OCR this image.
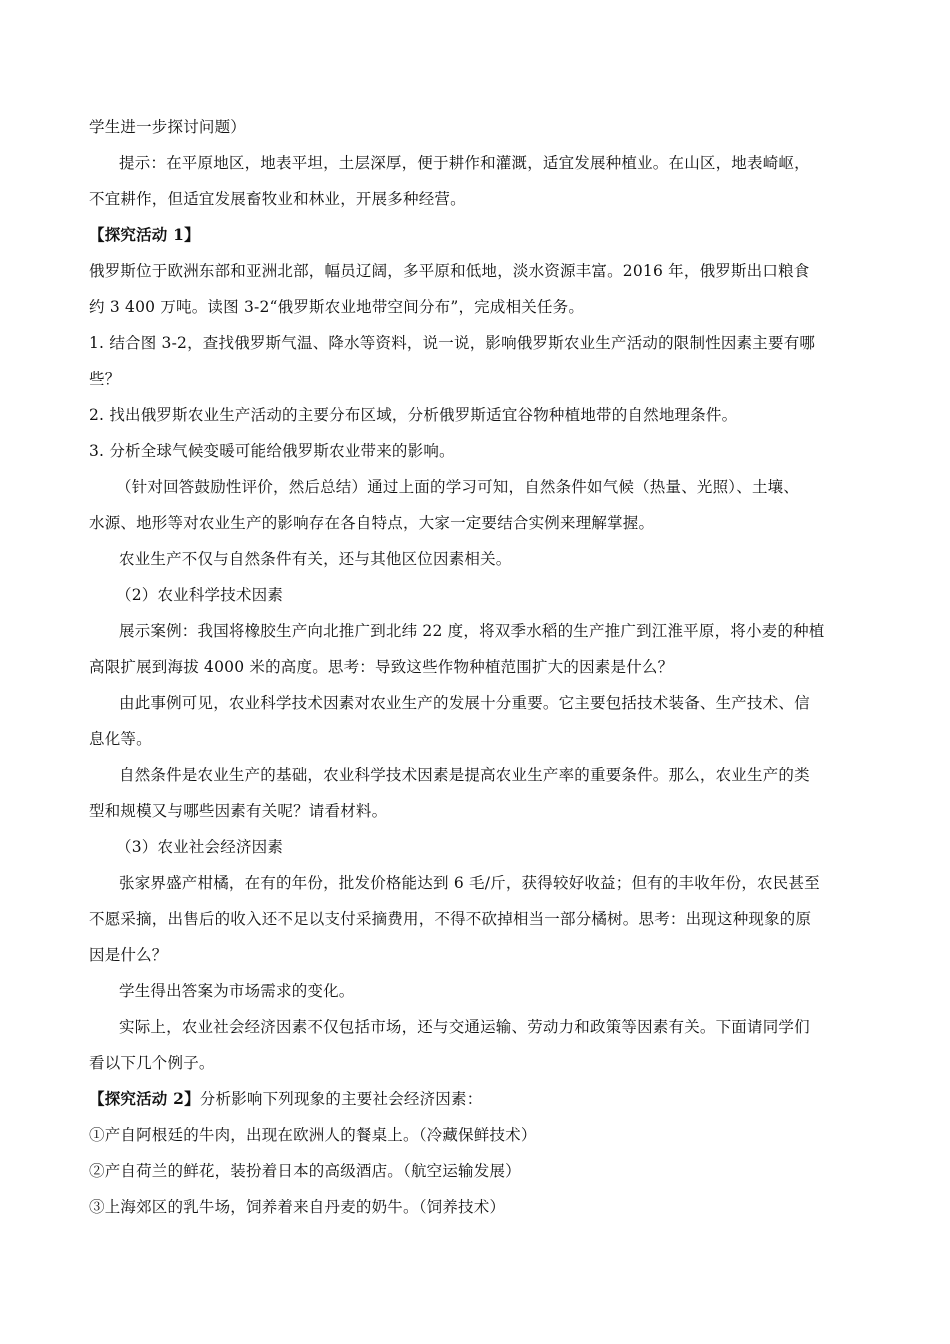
学生进一步探讨问题）
提示：在平原地区，地表平坦，土层深厚，便于耕作和灌溉，适宜发展种植业。在山区，地表崎岖，
不宜耕作，但适宜发展畜牧业和林业，开展多种经营。
【探究活动 1】
俄罗斯位于欧洲东部和亚洲北部，幅员辽阔，多平原和低地，淡水资源丰富。2016 年，俄罗斯出口粮食
约 3 400 万吨。读图 3-2“俄罗斯农业地带空间分布”，完成相关任务。
1. 结合图 3-2，查找俄罗斯气温、降水等资料，说一说，影响俄罗斯农业生产活动的限制性因素主要有哪
些？
2. 找出俄罗斯农业生产活动的主要分布区域，分析俄罗斯适宜谷物种植地带的自然地理条件。
3. 分析全球气候变暖可能给俄罗斯农业带来的影响。
（针对回答鼓励性评价，然后总结）通过上面的学习可知，自然条件如气候（热量、光照）、土壤、
水源、地形等对农业生产的影响存在各自特点，大家一定要结合实例来理解掌握。
农业生产不仅与自然条件有关，还与其他区位因素相关。
（2）农业科学技术因素
展示案例：我国将橡胶生产向北推广到北纬 22 度，将双季水稻的生产推广到江淮平原，将小麦的种植
高限扩展到海拔 4000 米的高度。思考：导致这些作物种植范围扩大的因素是什么？
由此事例可见，农业科学技术因素对农业生产的发展十分重要。它主要包括技术装备、生产技术、信
息化等。
自然条件是农业生产的基础，农业科学技术因素是提高农业生产率的重要条件。那么，农业生产的类
型和规模又与哪些因素有关呢？请看材料。
（3）农业社会经济因素
张家界盛产柑橘，在有的年份，批发价格能达到 6 毛/斤，获得较好收益；但有的丰收年份，农民甚至
不愿采摘，出售后的收入还不足以支付采摘费用，不得不砍掉相当一部分橘树。思考：出现这种现象的原
因是什么？
学生得出答案为市场需求的变化。
实际上，农业社会经济因素不仅包括市场，还与交通运输、劳动力和政策等因素有关。下面请同学们
看以下几个例子。
【探究活动 2】分析影响下列现象的主要社会经济因素：
①产自阿根廷的牛肉，出现在欧洲人的餐桌上。（冷藏保鲜技术）
②产自荷兰的鲜花，装扮着日本的高级酒店。（航空运输发展）
③上海郊区的乳牛场，饲养着来自丹麦的奶牛。（饲养技术）
